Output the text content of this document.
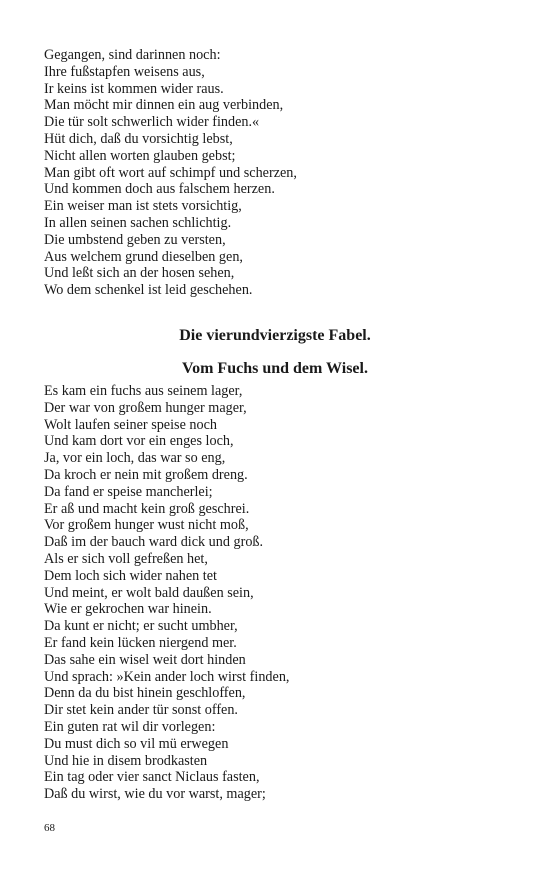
Gegangen, sind darinnen noch:
Ihre fußstapfen weisens aus,
Ir keins ist kommen wider raus.
Man möcht mir dinnen ein aug verbinden,
Die tür solt schwerlich wider finden.«
Hüt dich, daß du vorsichtig lebst,
Nicht allen worten glauben gebst;
Man gibt oft wort auf schimpf und scherzen,
Und kommen doch aus falschem herzen.
Ein weiser man ist stets vorsichtig,
In allen seinen sachen schlichtig.
Die umbstend geben zu versten,
Aus welchem grund dieselben gen,
Und leßt sich an der hosen sehen,
Wo dem schenkel ist leid geschehen.
Die vierundvierzigste Fabel.
Vom Fuchs und dem Wisel.
Es kam ein fuchs aus seinem lager,
Der war von großem hunger mager,
Wolt laufen seiner speise noch
Und kam dort vor ein enges loch,
Ja, vor ein loch, das war so eng,
Da kroch er nein mit großem dreng.
Da fand er speise mancherlei;
Er aß und macht kein groß geschrei.
Vor großem hunger wust nicht moß,
Daß im der bauch ward dick und groß.
Als er sich voll gefreßen het,
Dem loch sich wider nahen tet
Und meint, er wolt bald daußen sein,
Wie er gekrochen war hinein.
Da kunt er nicht; er sucht umbher,
Er fand kein lücken niergend mer.
Das sahe ein wisel weit dort hinden
Und sprach: »Kein ander loch wirst finden,
Denn da du bist hinein geschloffen,
Dir stet kein ander tür sonst offen.
Ein guten rat wil dir vorlegen:
Du must dich so vil mü erwegen
Und hie in disem brodkasten
Ein tag oder vier sanct Niclaus fasten,
Daß du wirst, wie du vor warst, mager;
68
